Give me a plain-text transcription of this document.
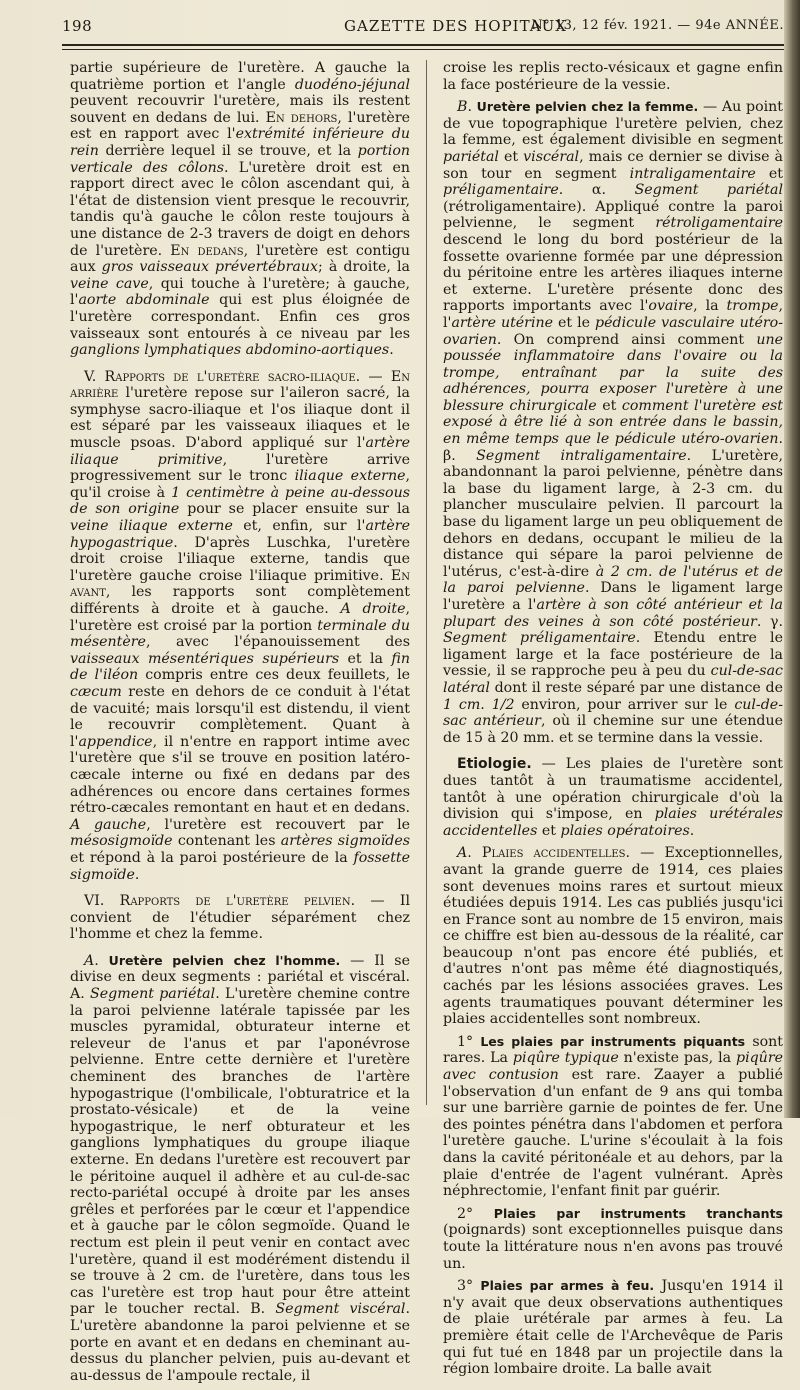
198	GAZETTE DES HOPITAUX
N° 13, 12 fév. 1921. — 94e ANNÉE.

partie supérieure de l'uretère. A gauche la quatrième portion et l'angle duodéno-jéjunal peuvent recouvrir l'uretère, mais ils restent souvent en dedans de lui. En dehors, l'uretère est en rapport avec l'extrémité inférieure du rein derrière lequel il se trouve, et la portion verticale des côlons. L'uretère droit est en rapport direct avec le côlon ascendant qui, à l'état de distension vient presque le recouvrir, tandis qu'à gauche le côlon reste toujours à une distance de 2-3 travers de doigt en dehors de l'uretère. En dedans, l'uretère est contigu aux gros vaisseaux prévertébraux; à droite, la veine cave, qui touche à l'uretère; à gauche, l'aorte abdominale qui est plus éloignée de l'uretère correspondant. Enfin ces gros vaisseaux sont entourés à ce niveau par les ganglions lymphatiques abdomino-aortiques.

V. Rapports de l'uretère sacro-iliaque. — En arrière l'uretère repose sur l'aileron sacré, la symphyse sacro-iliaque et l'os iliaque dont il est séparé par les vaisseaux iliaques et le muscle psoas. D'abord appliqué sur l'artère iliaque primitive, l'uretère arrive progressivement sur le tronc iliaque externe, qu'il croise à 1 centimètre à peine au-dessous de son origine pour se placer ensuite sur la veine iliaque externe et, enfin, sur l'artère hypogastrique. D'après Luschka, l'uretère droit croise l'iliaque externe, tandis que l'uretère gauche croise l'iliaque primitive. En avant, les rapports sont complètement différents à droite et à gauche. A droite, l'uretère est croisé par la portion terminale du mésentère, avec l'épanouissement des vaisseaux mésentériques supérieurs et la fin de l'iléon compris entre ces deux feuillets, le cæcum reste en dehors de ce conduit à l'état de vacuité; mais lorsqu'il est distendu, il vient le recouvrir complètement. Quant à l'appendice, il n'entre en rapport intime avec l'uretère que s'il se trouve en position latéro-cæcale interne ou fixé en dedans par des adhérences ou encore dans certaines formes rétro-cæcales remontant en haut et en dedans. A gauche, l'uretère est recouvert par le mésosigmoïde contenant les artères sigmoïdes et répond à la paroi postérieure de la fossette sigmoïde.

VI. Rapports de l'uretère pelvien. — Il convient de l'étudier séparément chez l'homme et chez la femme.

A. Uretère pelvien chez l'homme. — Il se divise en deux segments : pariétal et viscéral. A. Segment pariétal. L'uretère chemine contre la paroi pelvienne latérale tapissée par les muscles pyramidal, obturateur interne et releveur de l'anus et par l'aponévrose pelvienne. Entre cette dernière et l'uretère cheminent des branches de l'artère hypogastrique (l'ombilicale, l'obturatrice et la prostato-vésicale) et de la veine hypogastrique, le nerf obturateur et les ganglions lymphatiques du groupe iliaque externe. En dedans l'uretère est recouvert par le péritoine auquel il adhère et au cul-de-sac recto-pariétal occupé à droite par les anses grêles et perforées par le cœur et l'appendice et à gauche par le côlon segmoïde. Quand le rectum est plein il peut venir en contact avec l'uretère, quand il est modérément distendu il se trouve à 2 cm. de l'uretère, dans tous les cas l'uretère est trop haut pour être atteint par le toucher rectal. B. Segment viscéral. L'uretère abandonne la paroi pelvienne et se porte en avant et en dedans en cheminant au-dessus du plancher pelvien, puis au-devant et au-dessus de l'ampoule rectale, il

croise les replis recto-vésicaux et gagne enfin la face postérieure de la vessie.

B. Uretère pelvien chez la femme. — Au point de vue topographique l'uretère pelvien, chez la femme, est également divisible en segment pariétal et viscéral, mais ce dernier se divise à son tour en segment intraligamentaire et préligamentaire. α. Segment pariétal (rétroligamentaire). Appliqué contre la paroi pelvienne, le segment rétroligamentaire descend le long du bord postérieur de la fossette ovarienne formée par une dépression du péritoine entre les artères iliaques interne et externe. L'uretère présente donc des rapports importants avec l'ovaire, la trompe, l'artère utérine et le pédicule vasculaire utéro-ovarien. On comprend ainsi comment une poussée inflammatoire dans l'ovaire ou la trompe, entraînant par la suite des adhérences, pourra exposer l'uretère à une blessure chirurgicale et comment l'uretère est exposé à être lié à son entrée dans le bassin, en même temps que le pédicule utéro-ovarien. β. Segment intraligamentaire. L'uretère, abandonnant la paroi pelvienne, pénètre dans la base du ligament large, à 2-3 cm. du plancher musculaire pelvien. Il parcourt la base du ligament large un peu obliquement de dehors en dedans, occupant le milieu de la distance qui sépare la paroi pelvienne de l'utérus, c'est-à-dire à 2 cm. de l'utérus et de la paroi pelvienne. Dans le ligament large l'uretère a l'artère à son côté antérieur et la plupart des veines à son côté postérieur. γ. Segment préligamentaire. Etendu entre le ligament large et la face postérieure de la vessie, il se rapproche peu à peu du cul-de-sac latéral dont il reste séparé par une distance de 1 cm. 1/2 environ, pour arriver sur le cul-de-sac antérieur, où il chemine sur une étendue de 15 à 20 mm. et se termine dans la vessie.

Etiologie. — Les plaies de l'uretère sont dues tantôt à un traumatisme accidentel, tantôt à une opération chirurgicale d'où la division qui s'impose, en plaies urétérales accidentelles et plaies opératoires.

A. Plaies accidentelles. — Exceptionnelles, avant la grande guerre de 1914, ces plaies sont devenues moins rares et surtout mieux étudiées depuis 1914. Les cas publiés jusqu'ici en France sont au nombre de 15 environ, mais ce chiffre est bien au-dessous de la réalité, car beaucoup n'ont pas encore été publiés, et d'autres n'ont pas même été diagnostiqués, cachés par les lésions associées graves. Les agents traumatiques pouvant déterminer les plaies accidentelles sont nombreux.

1° Les plaies par instruments piquants sont rares. La piqûre typique n'existe pas, la piqûre avec contusion est rare. Zaayer a publié l'observation d'un enfant de 9 ans qui tomba sur une barrière garnie de pointes de fer. Une des pointes pénétra dans l'abdomen et perfora l'uretère gauche. L'urine s'écoulait à la fois dans la cavité péritonéale et au dehors, par la plaie d'entrée de l'agent vulnérant. Après néphrectomie, l'enfant finit par guérir.

2° Plaies par instruments tranchants (poignards) sont exceptionnelles puisque dans toute la littérature nous n'en avons pas trouvé un.

3° Plaies par armes à feu. Jusqu'en 1914 il n'y avait que deux observations authentiques de plaie urétérale par armes à feu. La première était celle de l'Archevêque de Paris qui fut tué en 1848 par un projectile dans la région lombaire droite. La balle avait
